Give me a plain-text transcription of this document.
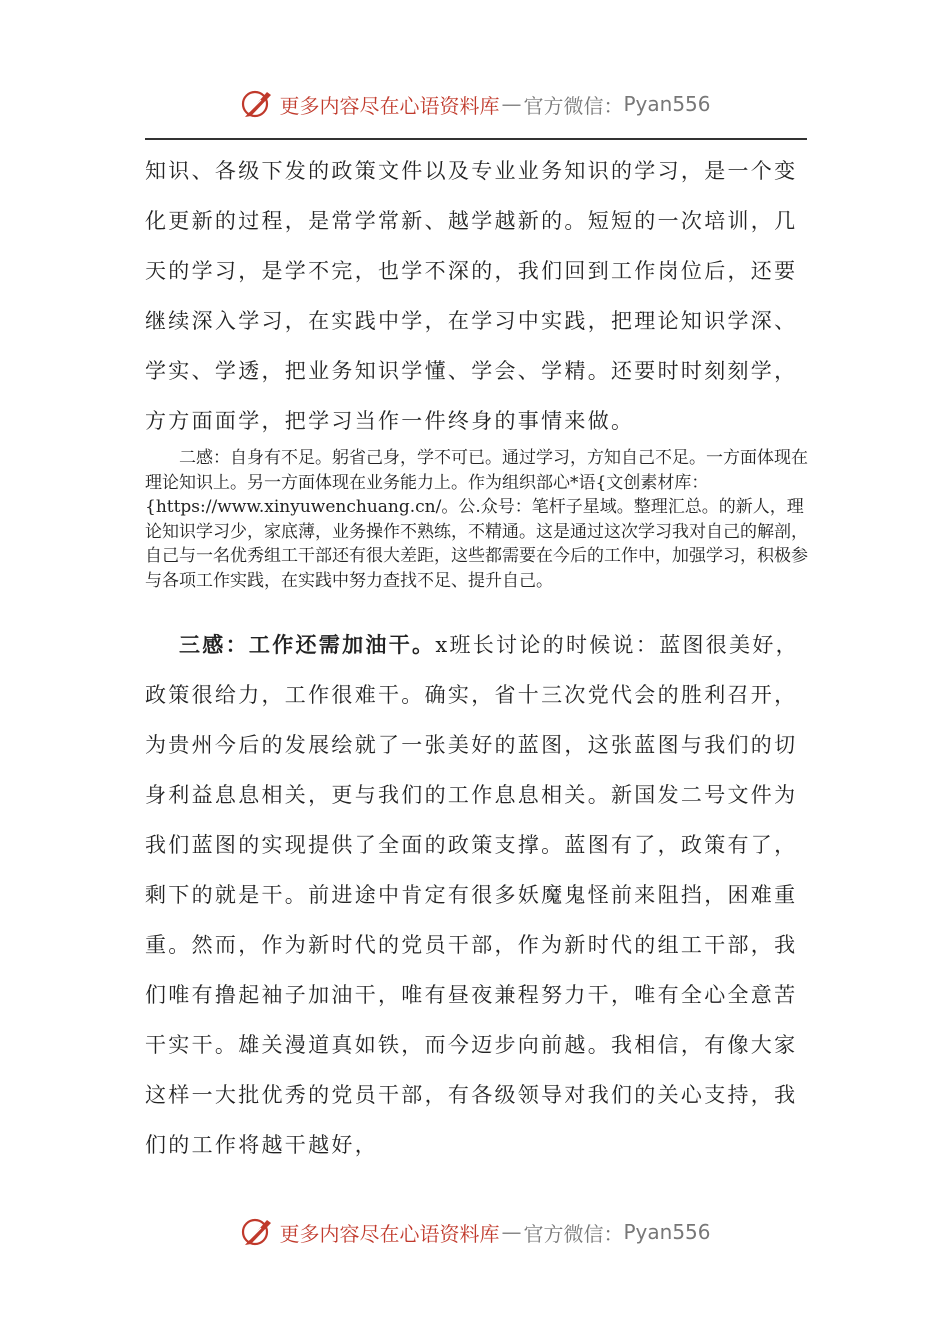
更多内容尽在心语资料库 — 官方微信： Pyan556

知识、各级下发的政策文件以及专业业务知识的学习，是一个变化更新的过程，是常学常新、越学越新的。短短的一次培训，几天的学习，是学不完，也学不深的，我们回到工作岗位后，还要继续深入学习，在实践中学，在学习中实践，把理论知识学深、学实、学透，把业务知识学懂、学会、学精。还要时时刻刻学，方方面面学，把学习当作一件终身的事情来做。

二感：自身有不足。躬省己身，学不可已。通过学习，方知自己不足。一方面体现在理论知识上。另一方面体现在业务能力上。作为组织部心*语{文创素材库：{https://www.xinyuwenchuang.cn/。公.众号：笔杆子星域。整理汇总。的新人，理论知识学习少，家底薄，业务操作不熟练，不精通。这是通过这次学习我对自己的解剖，自己与一名优秀组工干部还有很大差距，这些都需要在今后的工作中，加强学习，积极参与各项工作实践，在实践中努力查找不足、提升自己。

三感：工作还需加油干。x班长讨论的时候说：蓝图很美好，政策很给力，工作很难干。确实，省十三次党代会的胜利召开，为贵州今后的发展绘就了一张美好的蓝图，这张蓝图与我们的切身利益息息相关，更与我们的工作息息相关。新国发二号文件为我们蓝图的实现提供了全面的政策支撑。蓝图有了，政策有了，剩下的就是干。前进途中肯定有很多妖魔鬼怪前来阻挡，困难重重。然而，作为新时代的党员干部，作为新时代的组工干部，我们唯有撸起袖子加油干，唯有昼夜兼程努力干，唯有全心全意苦干实干。雄关漫道真如铁，而今迈步向前越。我相信，有像大家这样一大批优秀的党员干部，有各级领导对我们的关心支持，我们的工作将越干越好，

更多内容尽在心语资料库 — 官方微信： Pyan556
